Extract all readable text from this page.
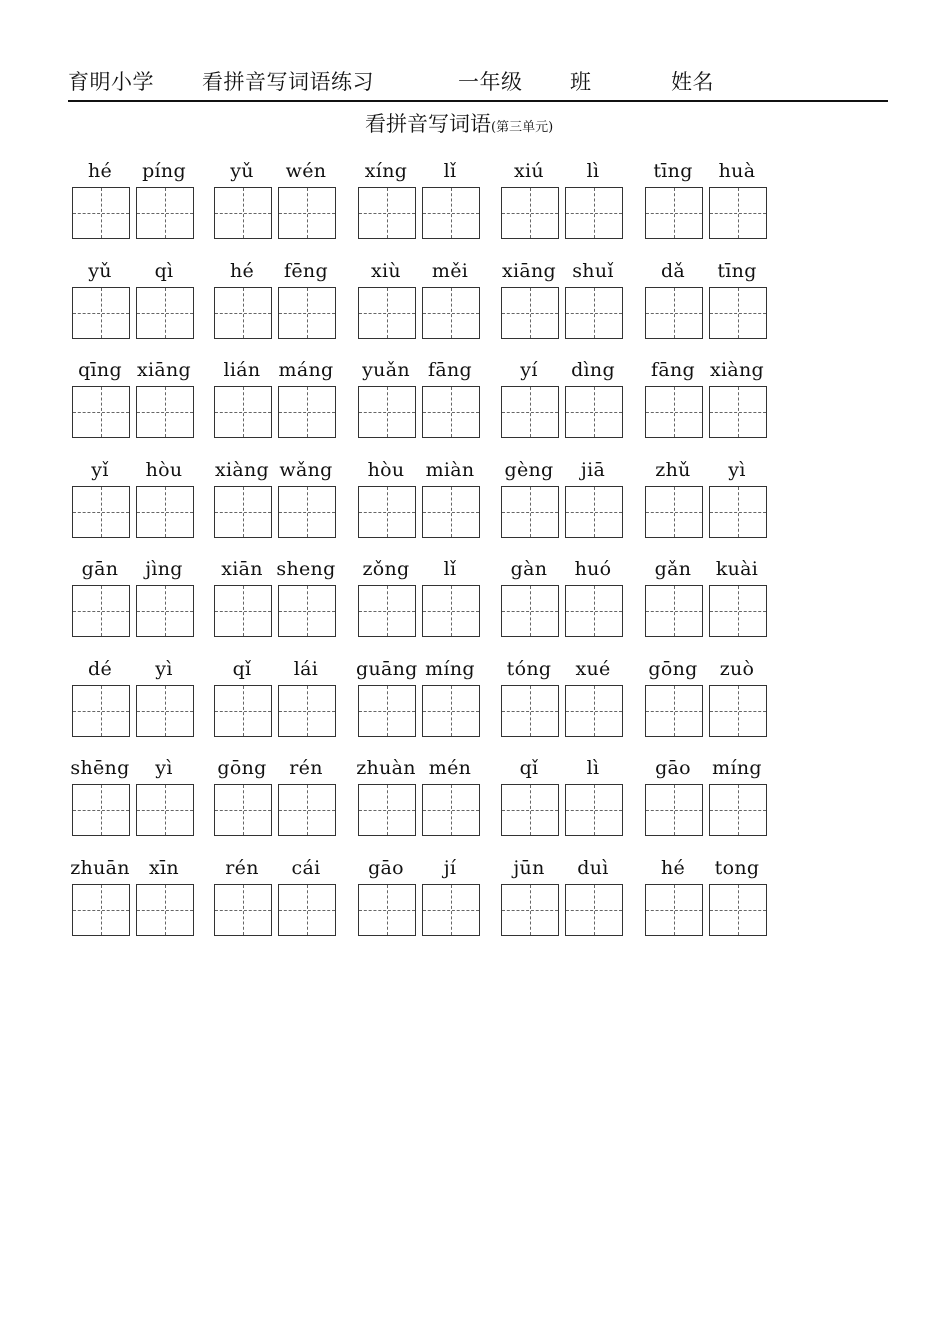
育明小学 看拼音写词语练习	一年级 班	姓名
看拼音写词语(第三单元)
hé	píng	yǔ	wén	xíng	lǐ	xiú	lì	tīng	huà
yǔ	qì	hé	fēng	xiù	měi	xiāng shuǐ	dǎ	tīng
qīng xiāng	lián máng	yuǎn fāng	yí	dìng	fāng xiàng
yǐ	hòu	xiàng wǎng	hòu	miàn gèng	jiā	zhǔ	yì
gān	jìng	xiān sheng	zǒng	lǐ	gàn	huó	gǎn	kuài
dé	yì	qǐ	lái	guāng míng	tóng	xué	gōng	zuò
shēng	yì	gōng	rén	zhuàn mén	qǐ	lì	gāo	míng
zhuān	xīn	rén	cái	gāo	jí	jūn	duì	hé	tong
